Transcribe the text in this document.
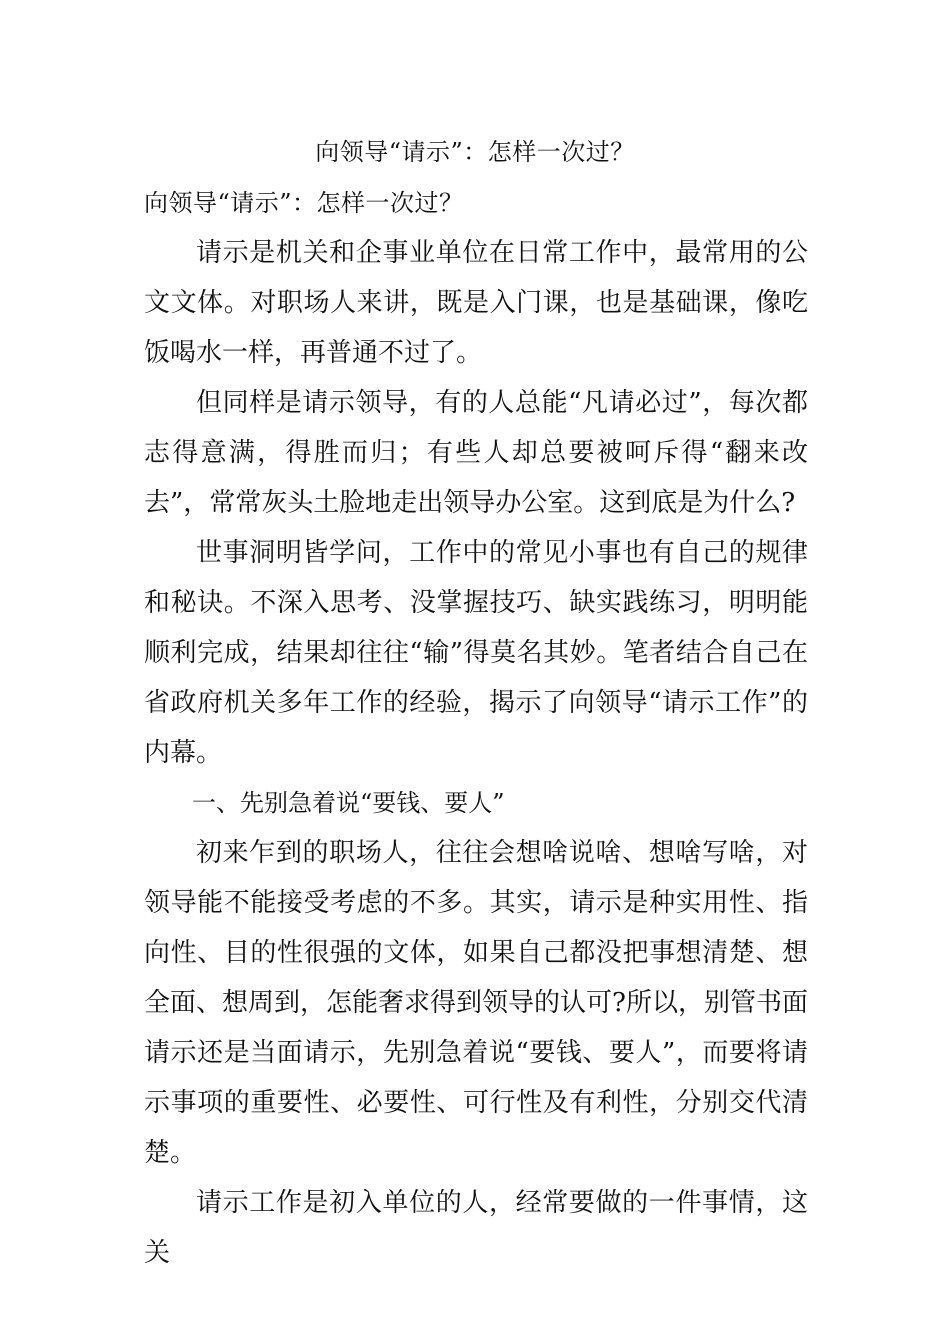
向领导“请示”：怎样一次过？

向领导“请示”：怎样一次过？

请示是机关和企事业单位在日常工作中，最常用的公文文体。对职场人来讲，既是入门课，也是基础课，像吃饭喝水一样，再普通不过了。

但同样是请示领导，有的人总能“凡请必过”，每次都志得意满，得胜而归；有些人却总要被呵斥得“翻来改去”，常常灰头土脸地走出领导办公室。这到底是为什么?

世事洞明皆学问，工作中的常见小事也有自己的规律和秘诀。不深入思考、没掌握技巧、缺实践练习，明明能顺利完成，结果却往往“输”得莫名其妙。笔者结合自己在省政府机关多年工作的经验，揭示了向领导“请示工作”的内幕。

一、先别急着说“要钱、要人”

初来乍到的职场人，往往会想啥说啥、想啥写啥，对领导能不能接受考虑的不多。其实，请示是种实用性、指向性、目的性很强的文体，如果自己都没把事想清楚、想全面、想周到，怎能奢求得到领导的认可?所以，别管书面请示还是当面请示，先别急着说“要钱、要人”，而要将请示事项的重要性、必要性、可行性及有利性，分别交代清楚。

请示工作是初入单位的人，经常要做的一件事情，这关
